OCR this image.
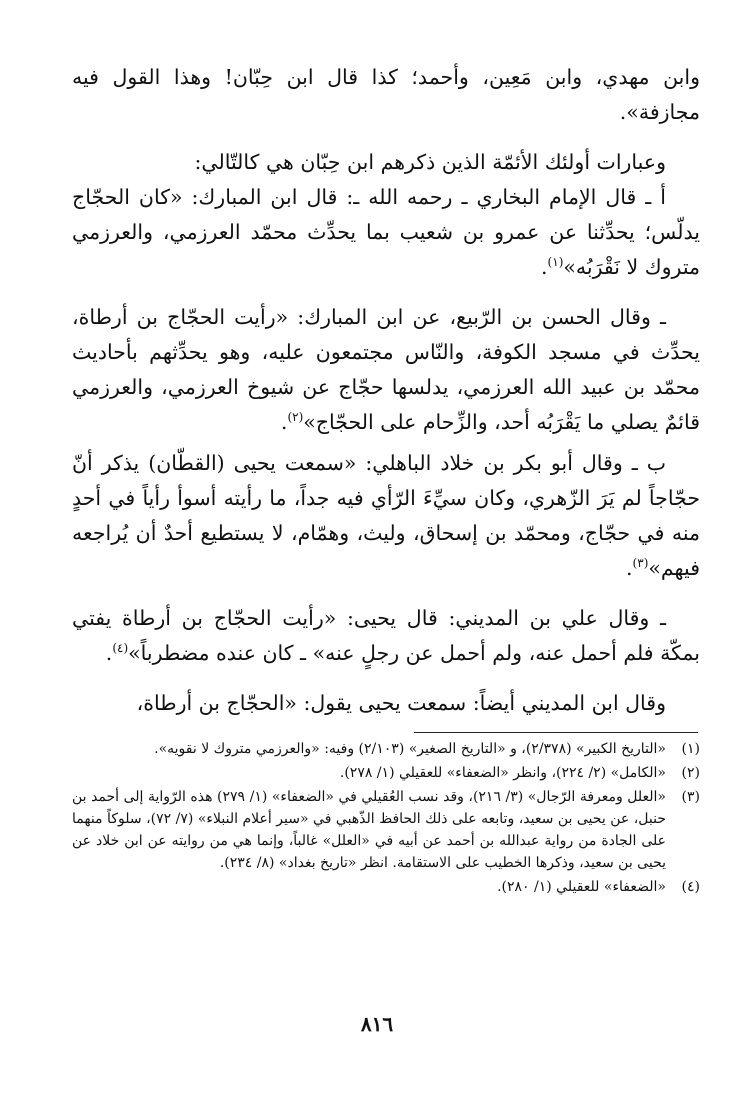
وابن مهدي، وابن مَعِين، وأحمد؛ كذا قال ابن حِبّان! وهذا القول فيه مجازفة».

وعبارات أولئك الأئمّة الذين ذكرهم ابن حِبّان هي كالتّالي:

أ ـ قال الإمام البخاري ـ رحمه الله ـ: قال ابن المبارك: «كان الحجّاج يدلّس؛ يحدِّثنا عن عمرو بن شعيب بما يحدِّث محمّد العرزمي، والعرزمي متروك لا نَقْرَبُه»$^{(١)}$.

ـ وقال الحسن بن الرّبيع، عن ابن المبارك: «رأيت الحجّاج بن أرطاة، يحدِّث في مسجد الكوفة، والنّاس مجتمعون عليه، وهو يحدِّثهم بأحاديث محمّد بن عبيد الله العرزمي، يدلسها حجّاج عن شيوخ العرزمي، والعرزمي قائمٌ يصلي ما يَقْرَبُه أحد، والزِّحام على الحجّاج»$^{(٢)}$.

ب ـ وقال أبو بكر بن خلاد الباهلي: «سمعت يحيى (القطّان) يذكر أنّ حجّاجاً لم يَرَ الزّهري، وكان سيِّءَ الرّأي فيه جداً، ما رأيته أسوأ رأياً في أحدٍ منه في حجّاج، ومحمّد بن إسحاق، وليث، وهمّام، لا يستطيع أحدٌ أن يُراجعه فيهم»$^{(٣)}$.

ـ وقال علي بن المديني: قال يحيى: «رأيت الحجّاج بن أرطاة يفتي بمكّة فلم أحمل عنه، ولم أحمل عن رجلٍ عنه» ـ كان عنده مضطرباً»$^{(٤)}$.

وقال ابن المديني أيضاً: سمعت يحيى يقول: «الحجّاج بن أرطاة،

(١)
«التاريخ الكبير» (٢/٣٧٨)، و «التاريخ الصغير» (٢/١٠٣) وفيه: «والعرزمي متروك لا نقويه».
(٢)
«الكامل» (٢/ ٢٢٤)، وانظر «الضعفاء» للعقيلي (١/ ٢٧٨).
(٣)
«العلل ومعرفة الرّجال» (٣/ ٢١٦)، وقد نسب العُقيلي في «الضعفاء» (١/ ٢٧٩) هذه الرّواية إلى أحمد بن حنبل، عن يحيى بن سعيد، وتابعه على ذلك الحافظ الذّهبي في «سير أعلام النبلاء» (٧/ ٧٢)، سلوكاً منهما على الجادة من رواية عبدالله بن أحمد عن أبيه في «العلل» غالباً، وإنما هي من روايته عن ابن خلاد عن يحيى بن سعيد، وذكرها الخطيب على الاستقامة. انظر «تاريخ بغداد» (٨/ ٢٣٤).
(٤)
«الضعفاء» للعقيلي (١/ ٢٨٠).
٨١٦
